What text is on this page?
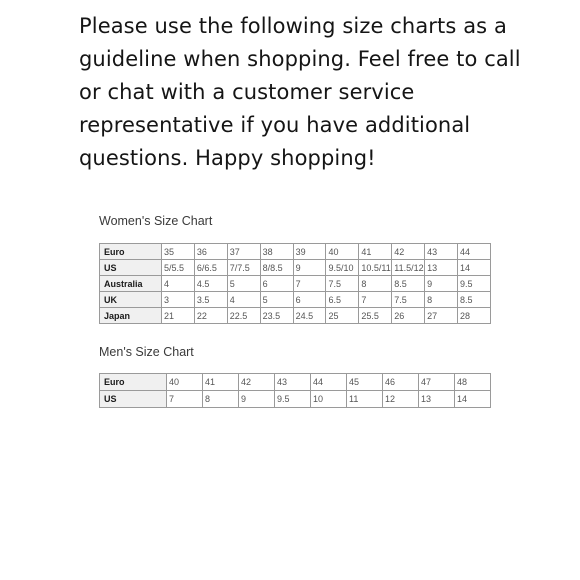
Please use the following size charts as a
guideline when shopping. Feel free to call
or chat with a customer service
representative if you have additional
questions. Happy shopping!
Women's Size Chart
Euro	35	36	37	38	39	40	41	42	43	44
US	5/5.5	6/6.5	7/7.5	8/8.5	9	9.5/10	10.5/11	11.5/12	13	14
Australia	4	4.5	5	6	7	7.5	8	8.5	9	9.5
UK	3	3.5	4	5	6	6.5	7	7.5	8	8.5
Japan	21	22	22.5	23.5	24.5	25	25.5	26	27	28
Men's Size Chart
Euro	40	41	42	43	44	45	46	47	48
US	7	8	9	9.5	10	11	12	13	14
